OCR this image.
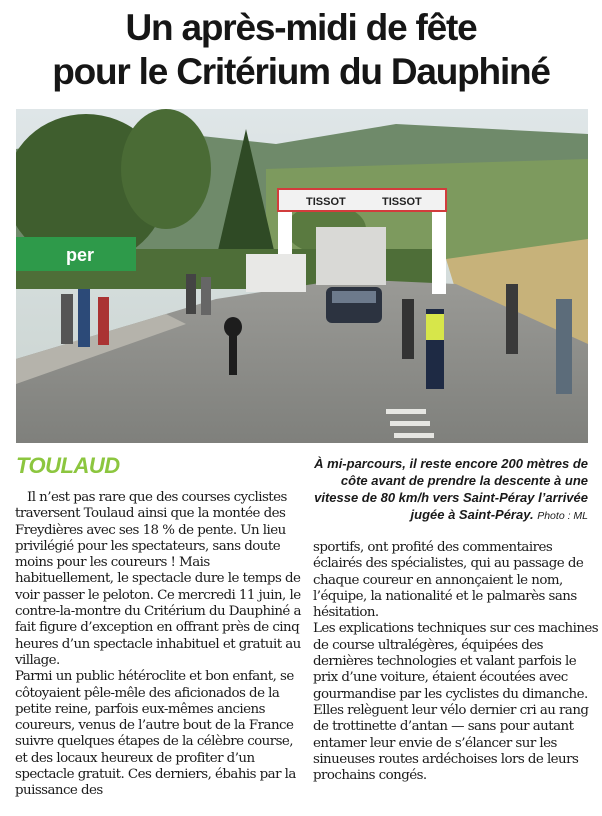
Un après-midi de fête
pour le Critérium du Dauphiné
per
TISSOT	TISSOT
TOULAUD	À mi-parcours, il reste encore 200 mètres de côte avant de prendre la descente à une vitesse de 80 km/h vers Saint-Péray l’arrivée jugée à Saint-Péray. Photo : ML

Il n’est pas rare que des courses cyclistes traversent Toulaud ainsi que la montée des Freydières avec ses 18 % de pente. Un lieu privilégié pour les spectateurs, sans doute moins pour les coureurs ! Mais habituellement, le spectacle dure le temps de voir passer le peloton. Ce mercredi 11 juin, le contre-la-montre du Critérium du Dauphiné a fait figure d’exception en offrant près de cinq heures d’un spectacle inhabituel et gratuit au village.

Parmi un public hétéroclite et bon enfant, se côtoyaient pêle-mêle des aficionados de la petite reine, parfois eux-mêmes anciens coureurs, venus de l’autre bout de la France suivre quelques étapes de la célèbre course, et des locaux heureux de profiter d’un spectacle gratuit. Ces derniers, ébahis par la puissance des

sportifs, ont profité des commentaires éclairés des spécialistes, qui au passage de chaque coureur en annonçaient le nom, l’équipe, la nationalité et le palmarès sans hésitation.

Les explications techniques sur ces machines de course ultralégères, équipées des dernières technologies et valant parfois le prix d’une voiture, étaient écoutées avec gourmandise par les cyclistes du dimanche. Elles relèguent leur vélo dernier cri au rang de trottinette d’antan — sans pour autant entamer leur envie de s’élancer sur les sinueuses routes ardéchoises lors de leurs prochains congés.
